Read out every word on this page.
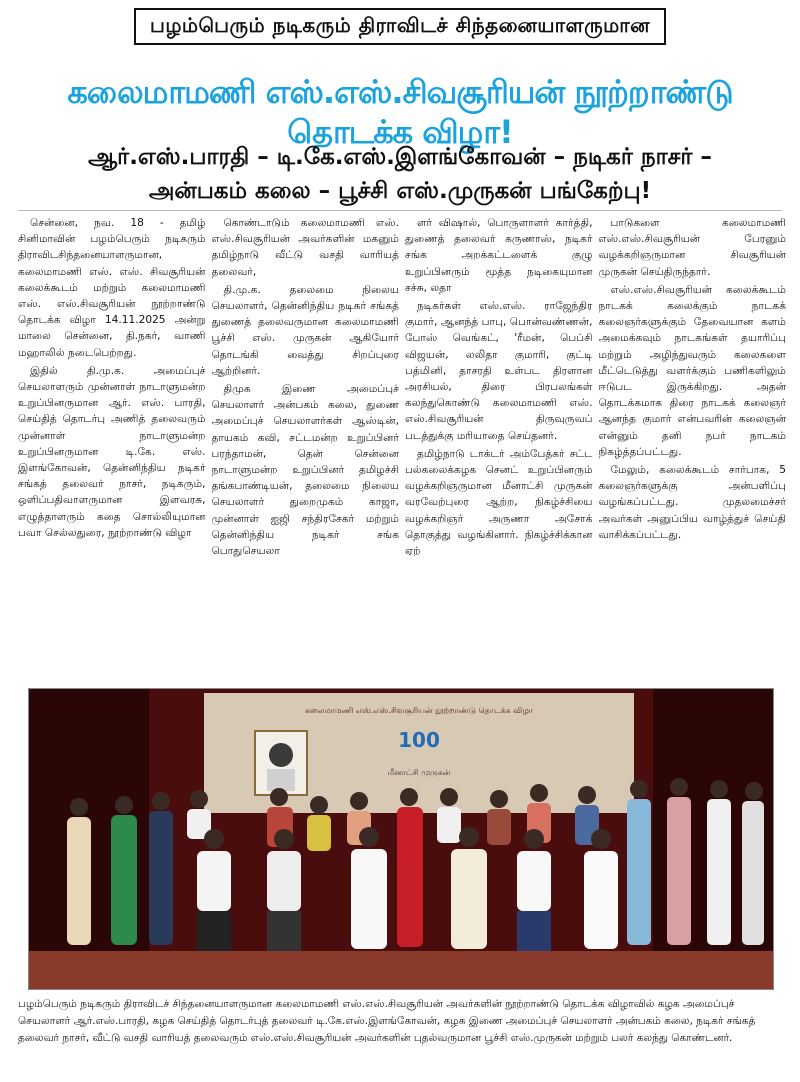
பழம்பெரும் நடிகரும் திராவிடச் சிந்தனையாளருமான
கலைமாமணி எஸ்.எஸ்.சிவசூரியன் நூற்றாண்டு தொடக்க விழா!
ஆர்.எஸ்.பாரதி – டி.கே.எஸ்.இளங்கோவன் – நடிகர் நாசர் –
அன்பகம் கலை – பூச்சி எஸ்.முருகன் பங்கேற்பு!

சென்னை, நவ. 18 - தமிழ் சினிமாவின் பழம்பெரும் நடிகரும் திராவிடசிந்தனையாளருமான, கலைமாமணி எஸ். எஸ். சிவசூரியன் கலைக்கூடம் மற்றும் கலைமாமணி எஸ். எஸ்.சிவசூரியன் நூற்றாண்டு தொடக்க விழா 14.11.2025 அன்று மாலை சென்னை, தி.நகர், வாணி மஹாலில் நடைபெற்றது.

இதில் தி.மு.க. அமைப்புச் செயலாளரும் முன்னாள் நாடாளுமன்ற உறுப்பினருமான ஆர். எஸ். பாரதி, செய்தித் தொடர்பு அணித் தலைவரும் முன்னாள் நாடாளுமன்ற உறுப்பினருமான டி.கே. எஸ். இளங்கோவன், தென்னிந்திய நடிகர் சங்கத் தலைவர் நாசர், நடிகரும், ஒளிப்பதிவாளருமான இளவரசு, எழுத்தாளரும் கதை சொல்லியுமான பவா செல்லதுரை, நூற்றாண்டு விழா

கொண்டாடும் கலைமாமணி எஸ். எஸ்.சிவசூரியன் அவர்களின் மகனும் தமிழ்நாடு வீட்டு வசதி வாரியத் தலைவர்,

தி.மு.க. தலைமை நிலைய செயலாளர், தென்னிந்திய நடிகர் சங்கத் துணைத் தலைவருமான கலைமாமணி பூச்சி எஸ். முருகன் ஆகியோர் தொடங்கி வைத்து சிறப்புரை ஆற்றினர்.

திமுக இணை அமைப்புச் செயலாளர் அன்பகம் கலை, துணை அமைப்புச் செயலாளர்கள் ஆஸ்டின், தாயகம் கவி, சட்டமன்ற உறுப்பினர் பரந்தாமன், தென் சென்னை நாடாளுமன்ற உறுப்பினர் தமிழச்சி தங்கபாண்டியன், தலைமை நிலைய செயலாளர் துறைமுகம் காஜா, முன்னாள் ஐஜி சந்திரசேகர் மற்றும் தென்னிந்திய நடிகர் சங்க பொதுசெயலா

ளர் விஷால், பொருளாளர் கார்த்தி, துணைத் தலைவர் கருணாஸ், நடிகர் சங்க அறக்கட்டளைக் குழு உறுப்பினரும் மூத்த நடிகையுமான சச்சு, லதா

நடிகர்கள் எஸ்.எஸ். ராஜேந்திர குமார், ஆனந்த் பாபு, பொன்வண்ணன், போஸ் வெங்கட், 'ரீமன், பெப்சி விஜயன், லலிதா குமாரி, குட்டி பத்மினி, தாசரதி உள்பட திரளான அரசியல், திரை பிரபலங்கள் கலந்துகொண்டு கலைமாமணி எஸ். எஸ்.சிவசூரியன் திருவுருவப் படத்துக்கு மரியாதை செய்தனர்.

தமிழ்நாடு டாக்டர் அம்பேத்கர் சட்ட பல்கலைக்கழக செனட் உறுப்பினரும் வழக்கறிஞருமான மீனாட்சி முருகன் வரவேற்புரை ஆற்ற, நிகழ்ச்சியை வழக்கறிஞர் அருணா அசோக் தொகுத்து வழங்கினார். நிகழ்ச்சிக்கான ஏற்

பாடுகளை கலைமாமணி எஸ்.எஸ்.சிவசூரியன் பேரனும் வழக்கறிஞருமான சிவசூரியன் முருகன் செய்திருந்தார்.

எஸ்.எஸ்.சிவசூரியன் கலைக்கூடம் நாடகக் கலைக்கும் நாடகக் கலைஞர்களுக்கும் தேவையான களம் அமைக்கவும் நாடகங்கள் தயாரிப்பு மற்றும் அழிந்துவரும் கலைகளை மீட்டெடுத்து வளர்க்கும் பணிகளிலும் ஈடுபட இருக்கிறது. அதன் தொடக்கமாக திரை நாடகக் கலைஞர் ஆனந்த குமார் என்பவரின் கலைஞன் என்னும் தனி நபர் நாடகம் நிகழ்த்தப்பட்டது.

மேலும், கலைக்கூடம் சார்பாக, 5 கலைஞர்களுக்கு அன்பளிப்பு வழங்கப்பட்டது. முதலமைச்சர் அவர்கள் அனுப்பிய வாழ்த்துச் செய்தி வாசிக்கப்பட்டது.

கலைமாமணி எஸ்.எஸ்.சிவசூரியன் நூற்றாண்டு தொடக்க விழா
100
மீனாட்சி முருகன்
பழம்பெரும் நடிகரும் திராவிடச் சிந்தனையாளருமான கலைமாமணி எஸ்.எஸ்.சிவசூரியன் அவர்களின் நூற்றாண்டு தொடக்க விழாவில் கழக அமைப்புச் செயலாளர் ஆர்.எஸ்.பாரதி, கழக செய்தித் தொடர்புத் தலைவர் டி.கே.எஸ்.இளங்கோவன், கழக இணை அமைப்புச் செயலாளர் அன்பகம் கலை, நடிகர் சங்கத் தலைவர் நாசர், வீட்டு வசதி வாரியத் தலைவரும் எஸ்.எஸ்.சிவசூரியன் அவர்களின் புதல்வருமான பூச்சி எஸ்.முருகன் மற்றும் பலர் கலந்து கொண்டனர்.
